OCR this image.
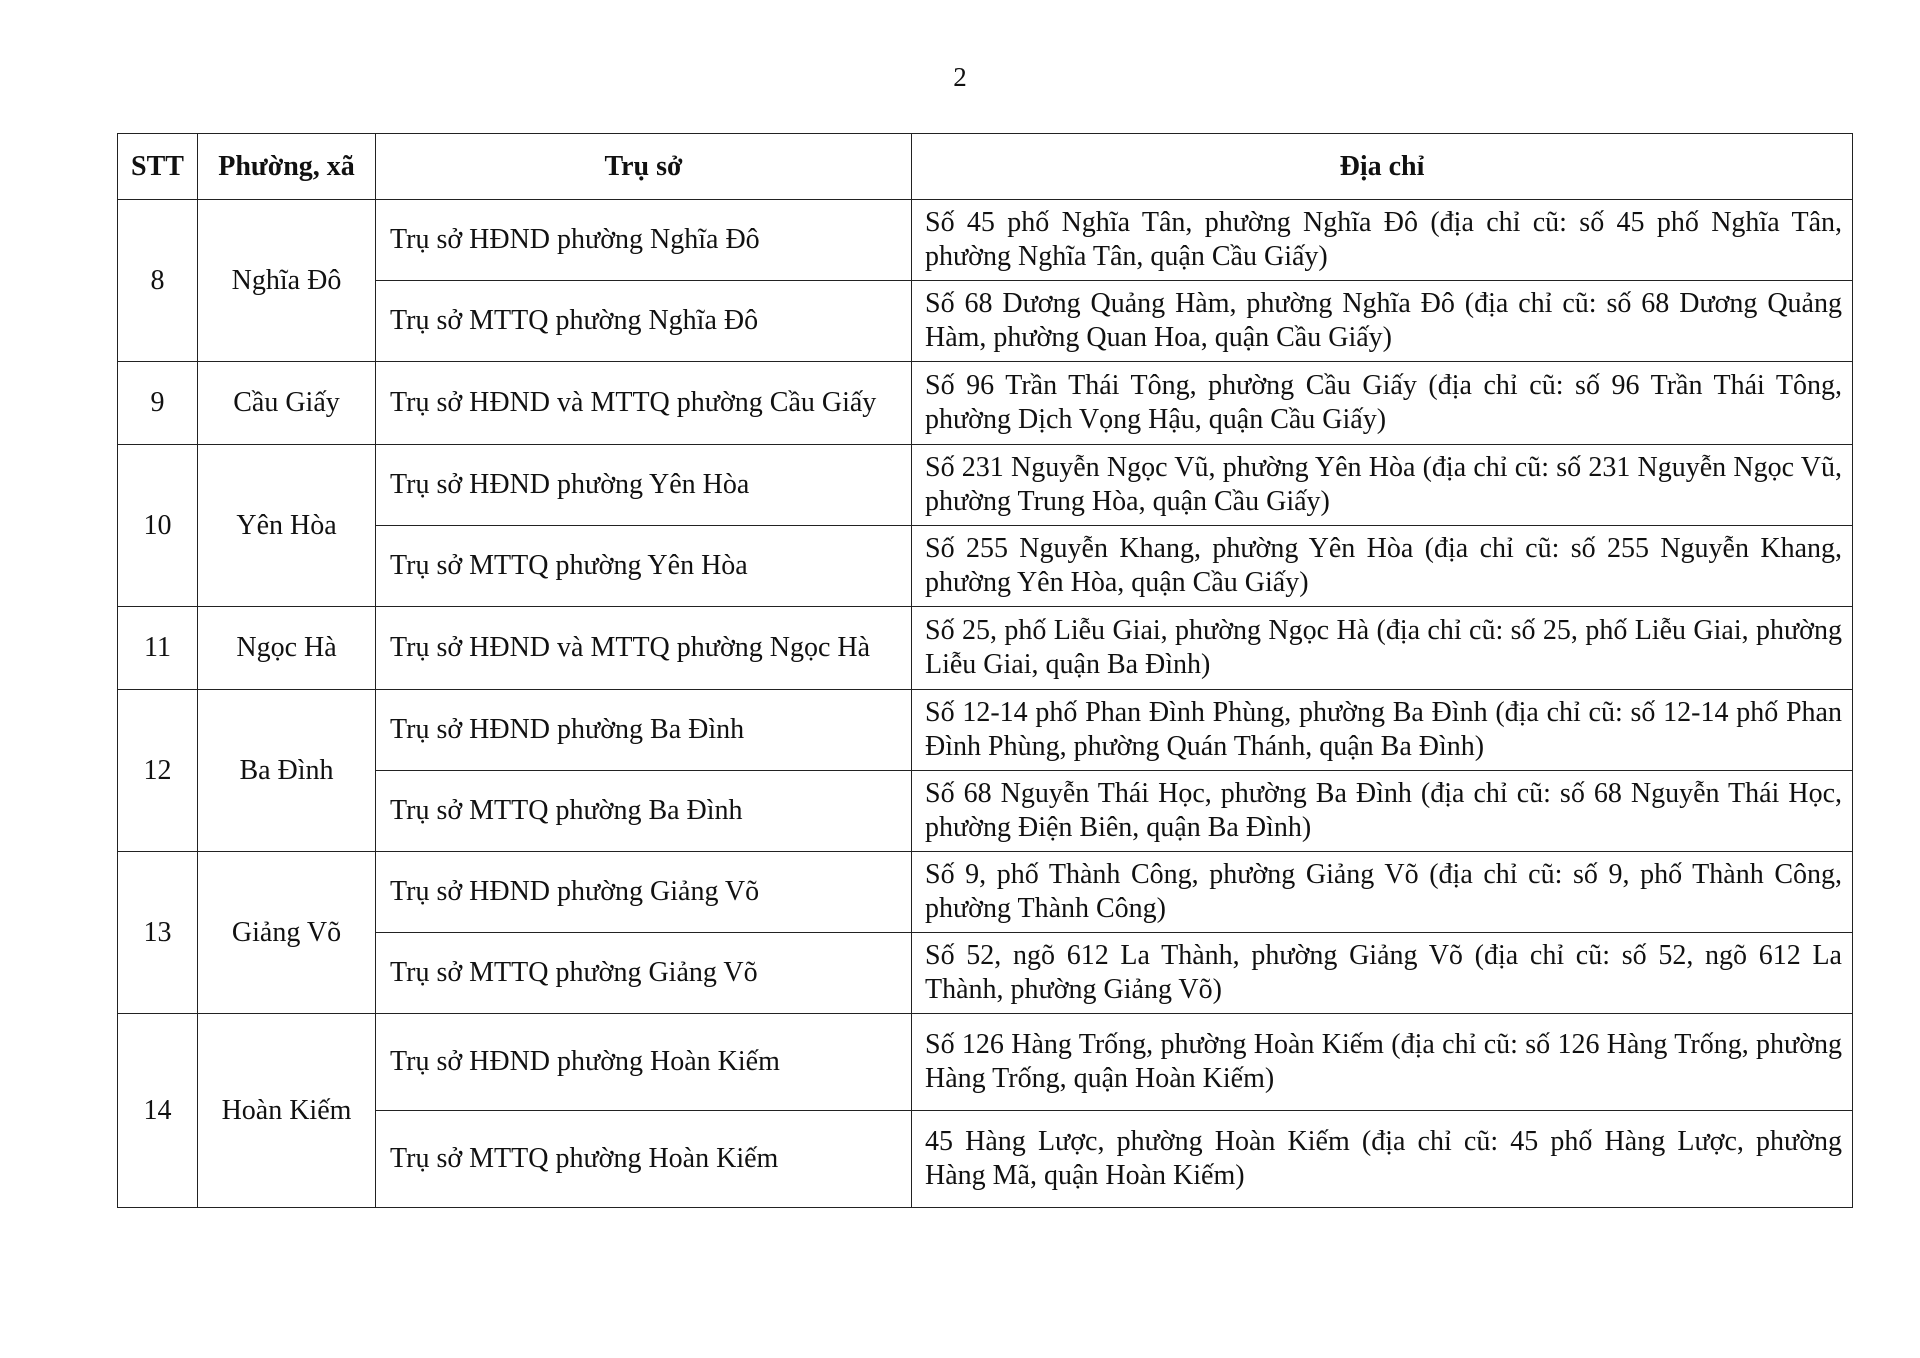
2
STT	Phường, xã	Trụ sở	Địa chỉ
8	Nghĩa Đô	Trụ sở HĐND phường Nghĩa Đô	Số 45 phố Nghĩa Tân, phường Nghĩa Đô (địa chỉ cũ: số 45 phố Nghĩa Tân, phường Nghĩa Tân, quận Cầu Giấy)
		Trụ sở MTTQ phường Nghĩa Đô	Số 68 Dương Quảng Hàm, phường Nghĩa Đô (địa chỉ cũ: số 68 Dương Quảng Hàm, phường Quan Hoa, quận Cầu Giấy)
9	Cầu Giấy	Trụ sở HĐND và MTTQ phường Cầu Giấy	Số 96 Trần Thái Tông, phường Cầu Giấy (địa chỉ cũ: số 96 Trần Thái Tông, phường Dịch Vọng Hậu, quận Cầu Giấy)
10	Yên Hòa	Trụ sở HĐND phường Yên Hòa	Số 231 Nguyễn Ngọc Vũ, phường Yên Hòa (địa chỉ cũ: số 231 Nguyễn Ngọc Vũ, phường Trung Hòa, quận Cầu Giấy)
		Trụ sở MTTQ phường Yên Hòa	Số 255 Nguyễn Khang, phường Yên Hòa (địa chỉ cũ: số 255 Nguyễn Khang, phường Yên Hòa, quận Cầu Giấy)
11	Ngọc Hà	Trụ sở HĐND và MTTQ phường Ngọc Hà	Số 25, phố Liễu Giai, phường Ngọc Hà (địa chỉ cũ: số 25, phố Liễu Giai, phường Liễu Giai, quận Ba Đình)
12	Ba Đình	Trụ sở HĐND phường Ba Đình	Số 12-14 phố Phan Đình Phùng, phường Ba Đình (địa chỉ cũ: số 12-14 phố Phan Đình Phùng, phường Quán Thánh, quận Ba Đình)
		Trụ sở MTTQ phường Ba Đình	Số 68 Nguyễn Thái Học, phường Ba Đình (địa chỉ cũ: số 68 Nguyễn Thái Học, phường Điện Biên, quận Ba Đình)
13	Giảng Võ	Trụ sở HĐND phường Giảng Võ	Số 9, phố Thành Công, phường Giảng Võ (địa chỉ cũ: số 9, phố Thành Công, phường Thành Công)
		Trụ sở MTTQ phường Giảng Võ	Số 52, ngõ 612 La Thành, phường Giảng Võ (địa chỉ cũ: số 52, ngõ 612 La Thành, phường Giảng Võ)
14	Hoàn Kiếm	Trụ sở HĐND phường Hoàn Kiếm	Số 126 Hàng Trống, phường Hoàn Kiếm (địa chỉ cũ: số 126 Hàng Trống, phường Hàng Trống, quận Hoàn Kiếm)
		Trụ sở MTTQ phường Hoàn Kiếm	45 Hàng Lược, phường Hoàn Kiếm (địa chỉ cũ: 45 phố Hàng Lược, phường Hàng Mã, quận Hoàn Kiếm)
